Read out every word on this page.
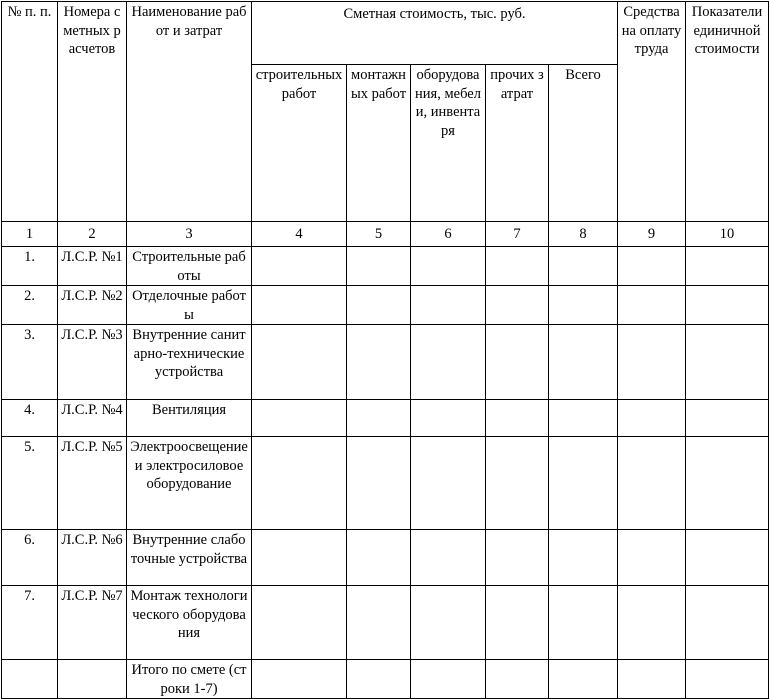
№ п. п.	Номера сметных расчетов	Наименование работ и затрат	Сметная стоимость, тыс. руб.					Средства на оплату труда	Показатели единичной стоимости
			строительных работ	монтажных работ	оборудования, мебели, инвентаря	прочих затрат	Всего		
1	2	3	4	5	6	7	8	9	10
1.	Л.С.Р. №1	Строительные работы							
2.	Л.С.Р. №2	Отделочные работы							
3.	Л.С.Р. №3	Внутренние санитарно-технические устройства							
4.	Л.С.Р. №4	Вентиляция							
5.	Л.С.Р. №5	Электроосвещение и электросиловое оборудование							
6.	Л.С.Р. №6	Внутренние слаботочные устройства							
7.	Л.С.Р. №7	Монтаж технологического оборудования							
		Итого по смете (строки 1-7)							
